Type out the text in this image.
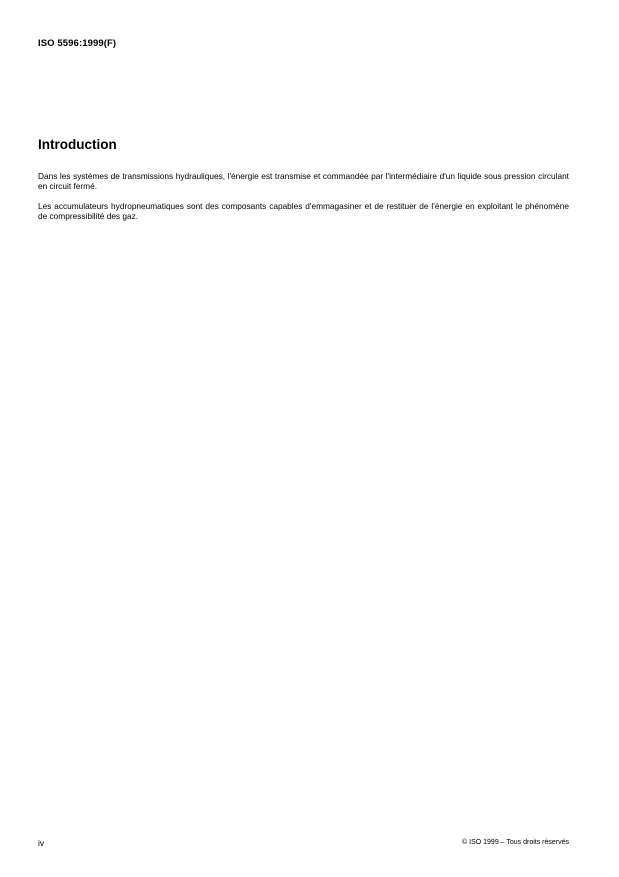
ISO 5596:1999(F)
Introduction

Dans les systèmes de transmissions hydrauliques, l'énergie est transmise et commandée par l'intermédiaire d'un liquide sous pression circulant en circuit fermé.

Les accumulateurs hydropneumatiques sont des composants capables d'emmagasiner et de restituer de l'énergie en exploitant le phénomène de compressibilité des gaz.

iv	© ISO 1999 – Tous droits réservés
